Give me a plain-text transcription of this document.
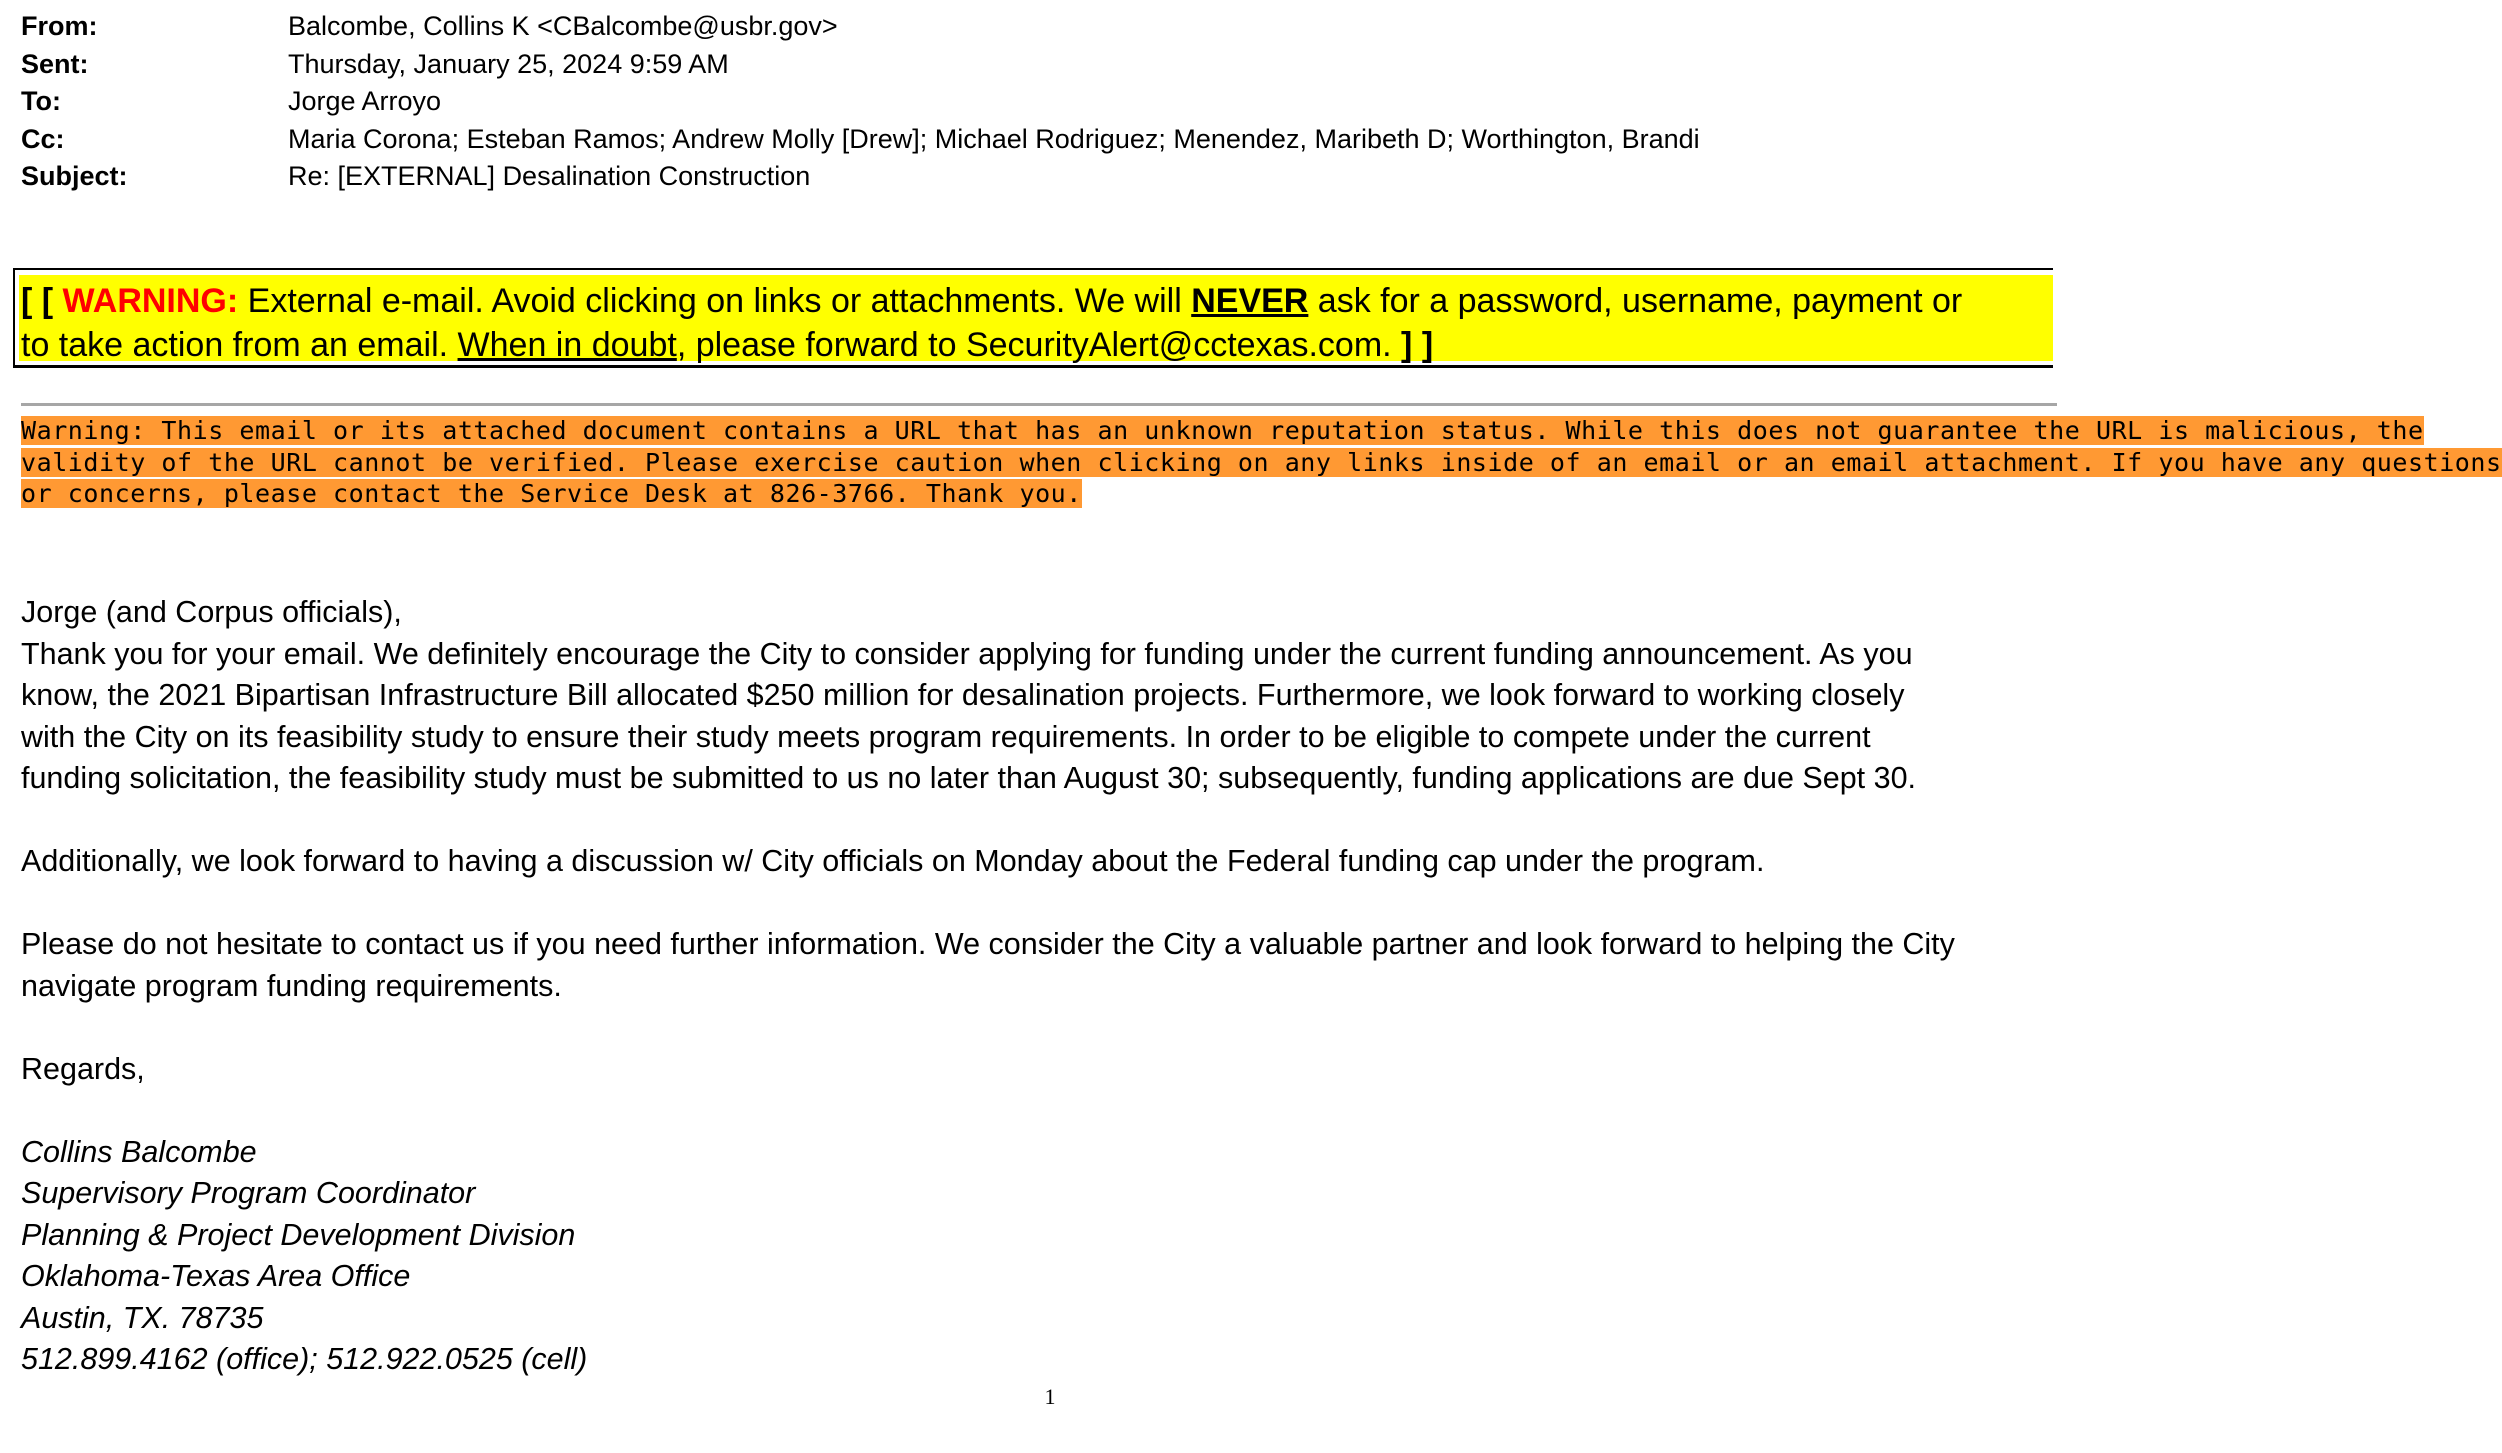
From:	Balcombe, Collins K <CBalcombe@usbr.gov>
Sent:	Thursday, January 25, 2024 9:59 AM
To:	Jorge Arroyo
Cc:	Maria Corona; Esteban Ramos; Andrew Molly [Drew]; Michael Rodriguez; Menendez, Maribeth D; Worthington, Brandi
Subject:	Re: [EXTERNAL] Desalination Construction
[ [ WARNING: External e-mail. Avoid clicking on links or attachments. We will NEVER ask for a password, username, payment or
to take action from an email. When in doubt, please forward to SecurityAlert@cctexas.com. ] ]
Warning: This email or its attached document contains a URL that has an unknown reputation status. While this does not guarantee the URL is malicious, the
validity of the URL cannot be verified. Please exercise caution when clicking on any links inside of an email or an email attachment. If you have any questions
or concerns, please contact the Service Desk at 826-3766. Thank you.

Jorge (and Corpus officials),

Thank you for your email. We definitely encourage the City to consider applying for funding under the current funding announcement. As you

know, the 2021 Bipartisan Infrastructure Bill allocated $250 million for desalination projects. Furthermore, we look forward to working closely

with the City on its feasibility study to ensure their study meets program requirements. In order to be eligible to compete under the current

funding solicitation, the feasibility study must be submitted to us no later than August 30; subsequently, funding applications are due Sept 30.

Additionally, we look forward to having a discussion w/ City officials on Monday about the Federal funding cap under the program.

Please do not hesitate to contact us if you need further information. We consider the City a valuable partner and look forward to helping the City

navigate program funding requirements.

Regards,

Collins Balcombe

Supervisory Program Coordinator

Planning & Project Development Division

Oklahoma-Texas Area Office

Austin, TX. 78735

512.899.4162 (office); 512.922.0525 (cell)

1
